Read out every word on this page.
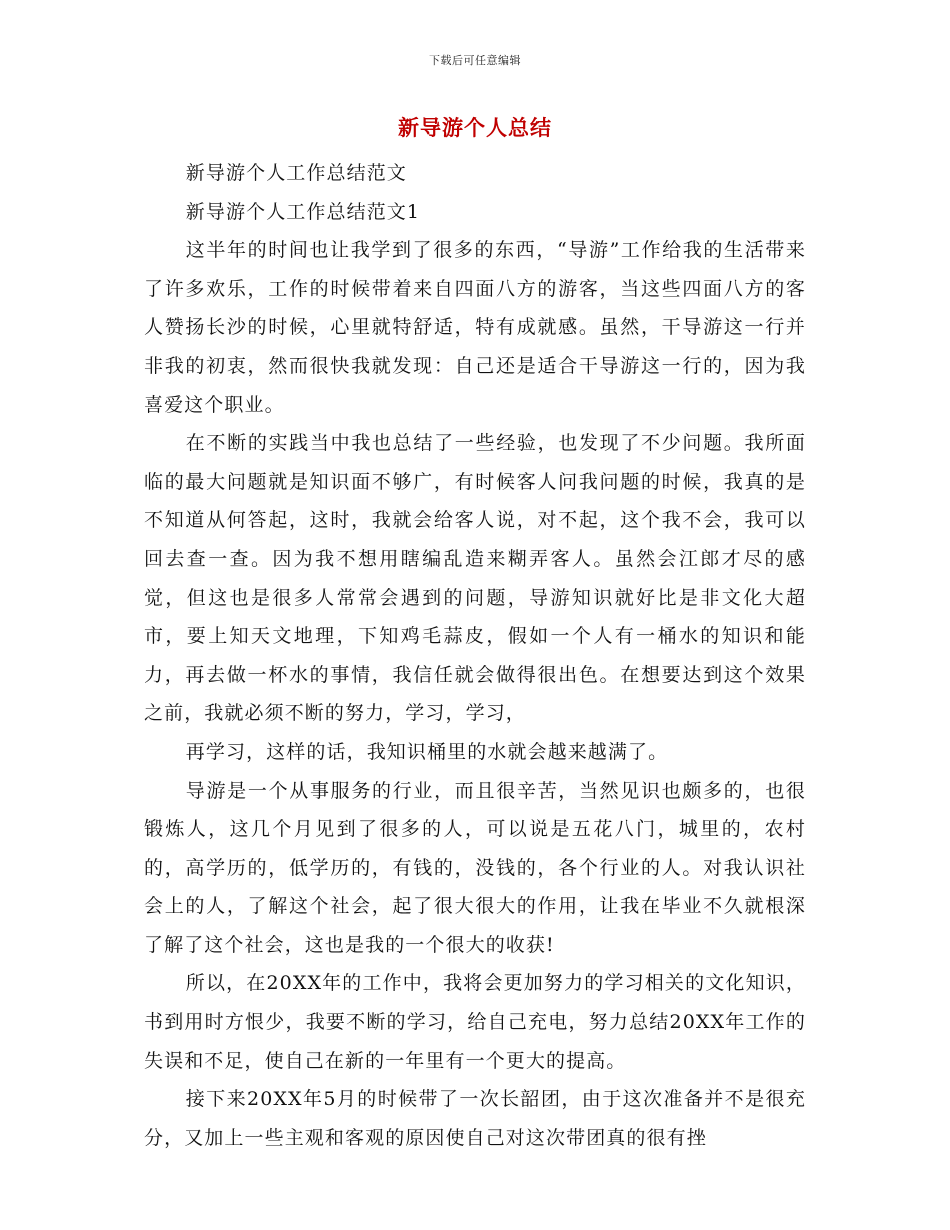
下载后可任意编辑
新导游个人总结

新导游个人工作总结范文

新导游个人工作总结范文1

这半年的时间也让我学到了很多的东西，“导游”工作给我的生活带来了许多欢乐，工作的时候带着来自四面八方的游客，当这些四面八方的客人赞扬长沙的时候，心里就特舒适，特有成就感。虽然，干导游这一行并非我的初衷，然而很快我就发现：自己还是适合干导游这一行的，因为我喜爱这个职业。

在不断的实践当中我也总结了一些经验，也发现了不少问题。我所面临的最大问题就是知识面不够广，有时候客人问我问题的时候，我真的是不知道从何答起，这时，我就会给客人说，对不起，这个我不会，我可以回去查一查。因为我不想用瞎编乱造来糊弄客人。虽然会江郎才尽的感觉，但这也是很多人常常会遇到的问题，导游知识就好比是非文化大超市，要上知天文地理，下知鸡毛蒜皮，假如一个人有一桶水的知识和能力，再去做一杯水的事情，我信任就会做得很出色。在想要达到这个效果之前，我就必须不断的努力，学习，学习，

再学习，这样的话，我知识桶里的水就会越来越满了。

导游是一个从事服务的行业，而且很辛苦，当然见识也颇多的，也很锻炼人，这几个月见到了很多的人，可以说是五花八门，城里的，农村的，高学历的，低学历的，有钱的，没钱的，各个行业的人。对我认识社会上的人，了解这个社会，起了很大很大的作用，让我在毕业不久就根深了解了这个社会，这也是我的一个很大的收获!

所以，在20XX年的工作中，我将会更加努力的学习相关的文化知识，书到用时方恨少，我要不断的学习，给自己充电，努力总结20XX年工作的失误和不足，使自己在新的一年里有一个更大的提高。

接下来20XX年5月的时候带了一次长韶团，由于这次准备并不是很充分，又加上一些主观和客观的原因使自己对这次带团真的很有挫
